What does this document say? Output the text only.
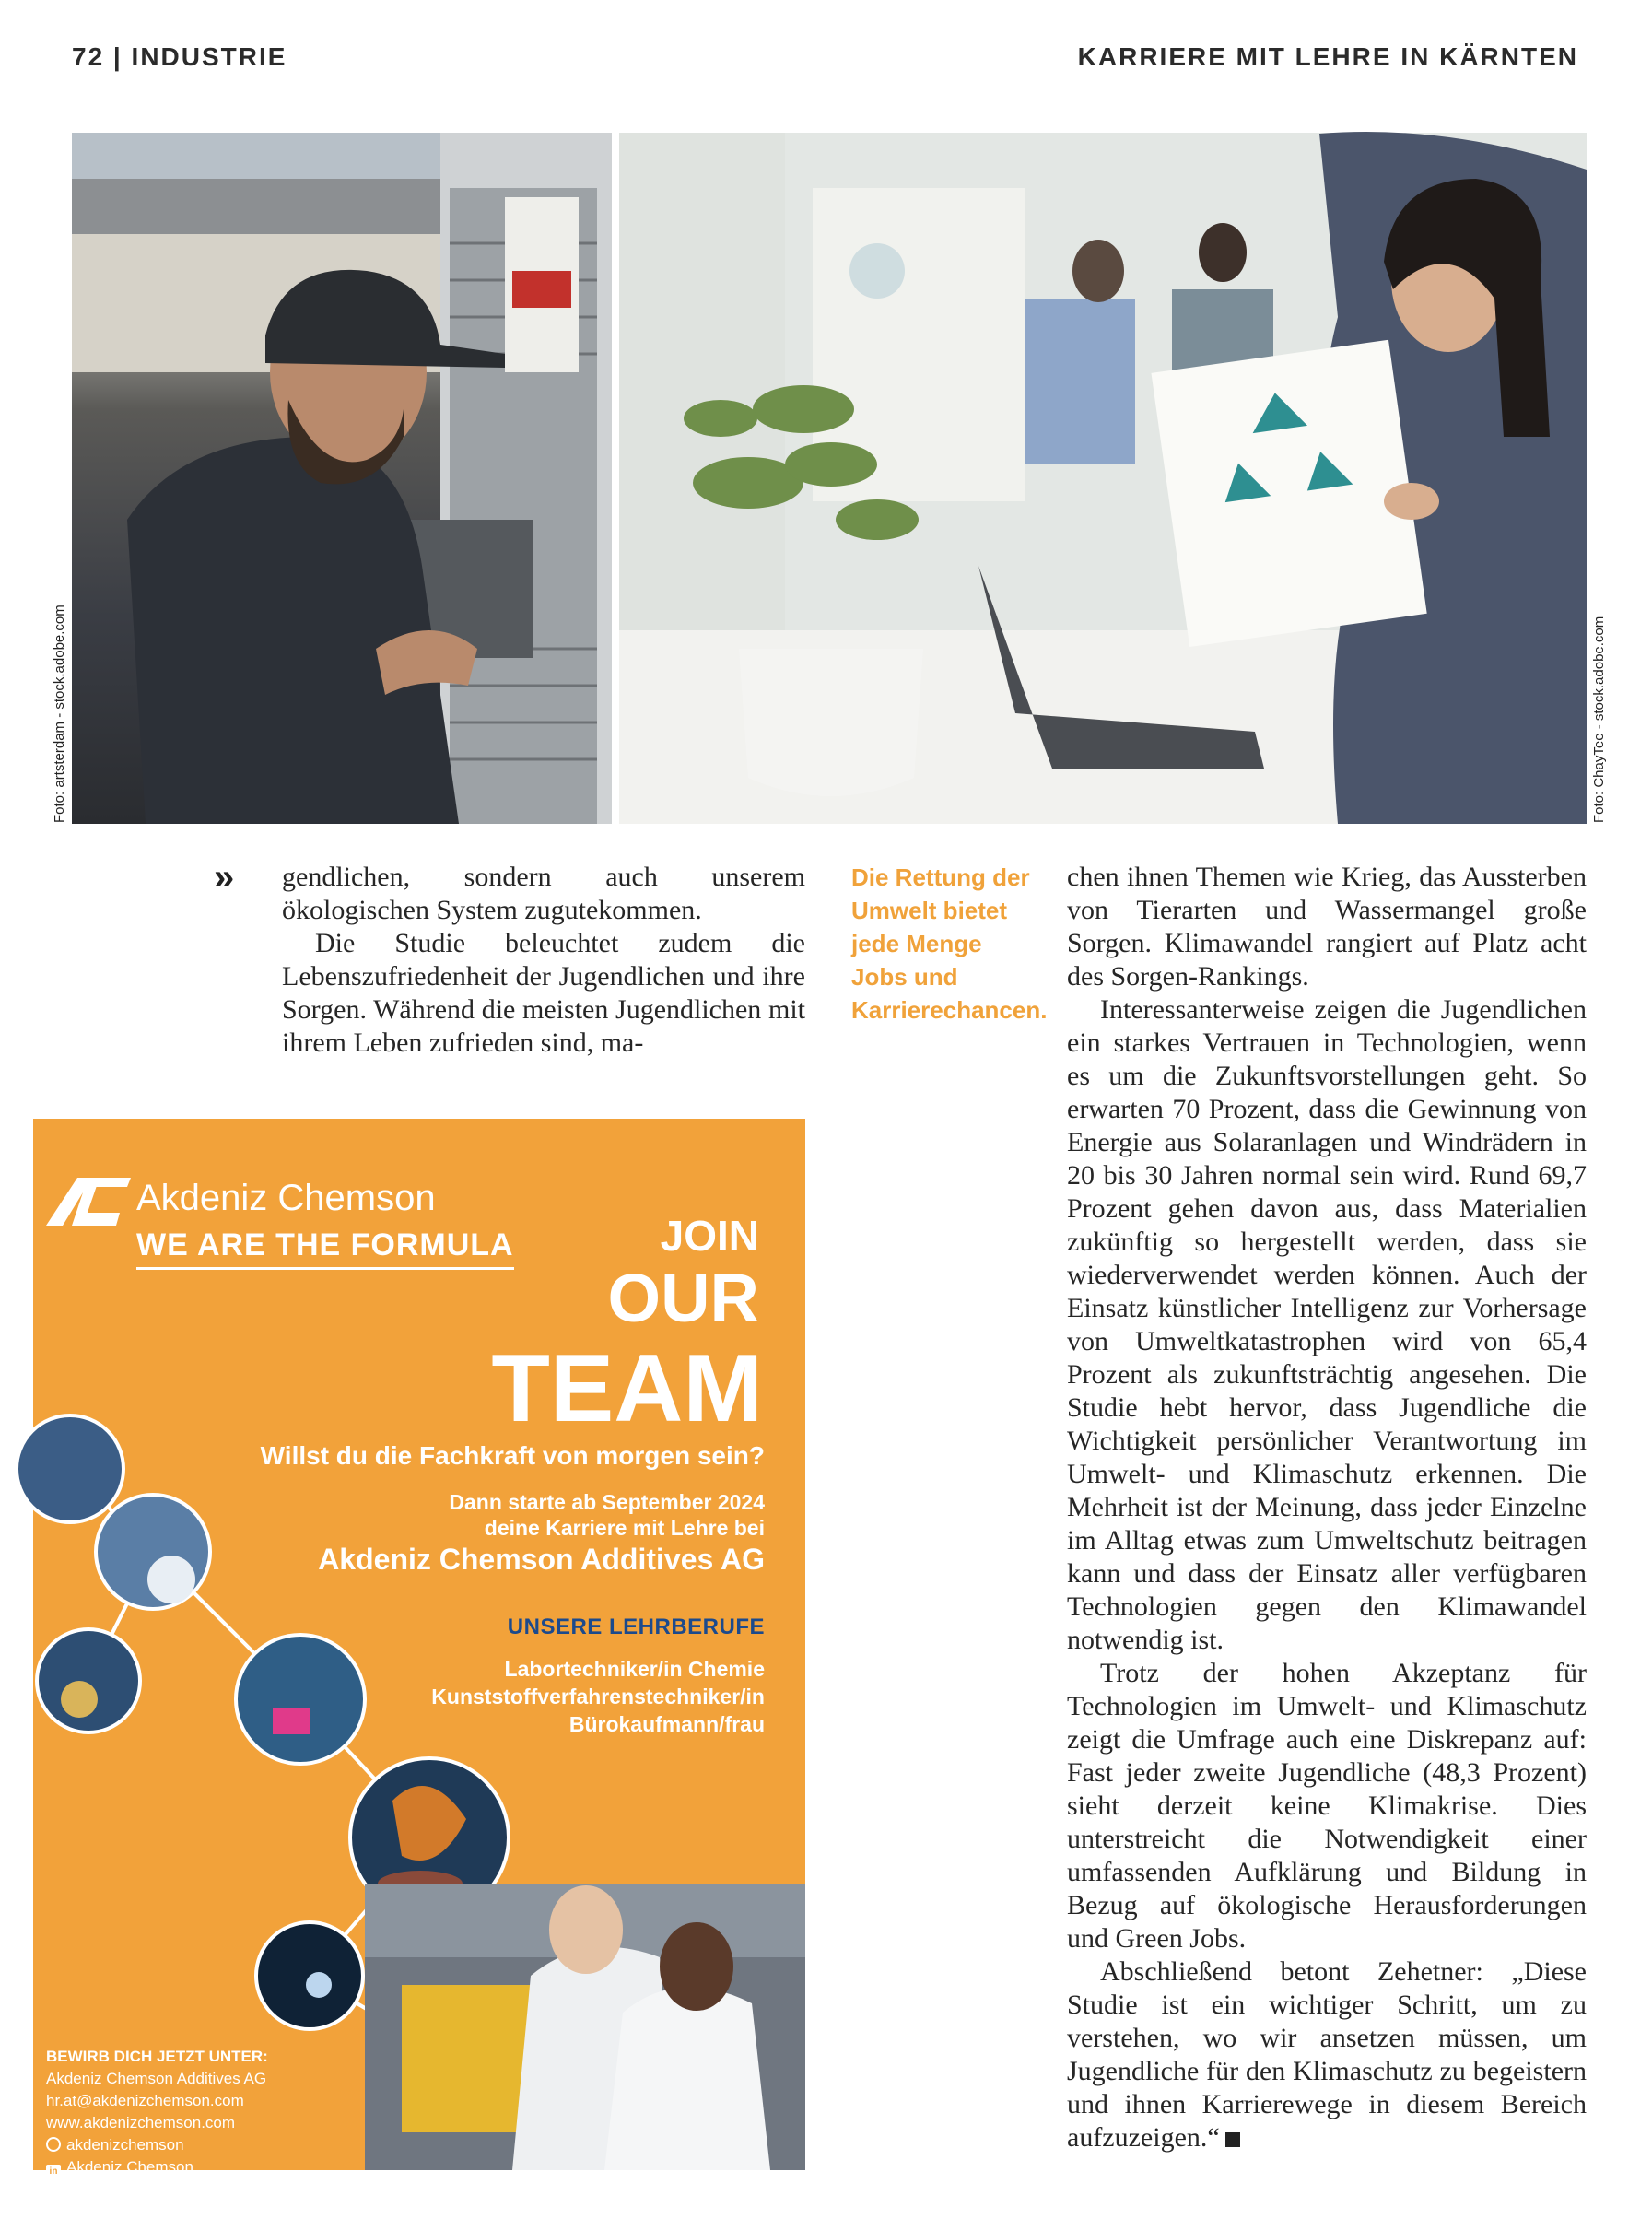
72 | INDUSTRIE	KARRIERE MIT LEHRE IN KÄRNTEN
Foto: artsterdam - stock.adobe.com	Foto: ChayTee - stock.adobe.com
» gendlichen, sondern auch unserem ökologischen System zugutekommen.

Die Studie beleuchtet zudem die Lebenszufriedenheit der Jugendlichen und ihre Sorgen. Während die meisten Jugendlichen mit ihrem Leben zufrieden sind, ma-

Die Rettung der Umwelt bietet jede Menge Jobs und Karrierechancen.

chen ihnen Themen wie Krieg, das Aussterben von Tierarten und Wassermangel große Sorgen. Klimawandel rangiert auf Platz acht des Sorgen-Rankings.

Interessanterweise zeigen die Jugendlichen ein starkes Vertrauen in Technologien, wenn es um die Zukunftsvorstellungen geht. So erwarten 70 Prozent, dass die Gewinnung von Energie aus Solaranlagen und Windrädern in 20 bis 30 Jahren normal sein wird. Rund 69,7 Prozent gehen davon aus, dass Materialien zukünftig so hergestellt werden, dass sie wiederverwendet werden können. Auch der Einsatz künstlicher Intelligenz zur Vorhersage von Umweltkatastrophen wird von 65,4 Prozent als zukunftsträchtig angesehen. Die Studie hebt hervor, dass Jugendliche die Wichtigkeit persönlicher Verantwortung im Umwelt- und Klimaschutz erkennen. Die Mehrheit ist der Meinung, dass jeder Einzelne im Alltag etwas zum Umweltschutz beitragen kann und dass der Einsatz aller verfügbaren Technologien gegen den Klimawandel notwendig ist.

Trotz der hohen Akzeptanz für Technologien im Umwelt- und Klimaschutz zeigt die Umfrage auch eine Diskrepanz auf: Fast jeder zweite Jugendliche (48,3 Prozent) sieht derzeit keine Klimakrise. Dies unterstreicht die Notwendigkeit einer umfassenden Aufklärung und Bildung in Bezug auf ökologische Herausforderungen und Green Jobs.

Abschließend betont Zehetner: „Diese Studie ist ein wichtiger Schritt, um zu verstehen, wo wir ansetzen müssen, um Jugendliche für den Klimaschutz zu begeistern und ihnen Karrierewege in diesem Bereich aufzuzeigen.“

Akdeniz Chemson
WE ARE THE FORMULA	JOIN
OUR
TEAM
Willst du die Fachkraft von morgen sein?
Dann starte ab September 2024
deine Karriere mit Lehre bei
Akdeniz Chemson Additives AG
UNSERE LEHRBERUFE
Labortechniker/in Chemie
Kunststoffverfahrenstechniker/in
Bürokaufmann/frau
BEWIRB DICH JETZT UNTER:
Akdeniz Chemson Additives AG
hr.at@akdenizchemson.com
www.akdenizchemson.com
akdenizchemson
in Akdeniz Chemson
